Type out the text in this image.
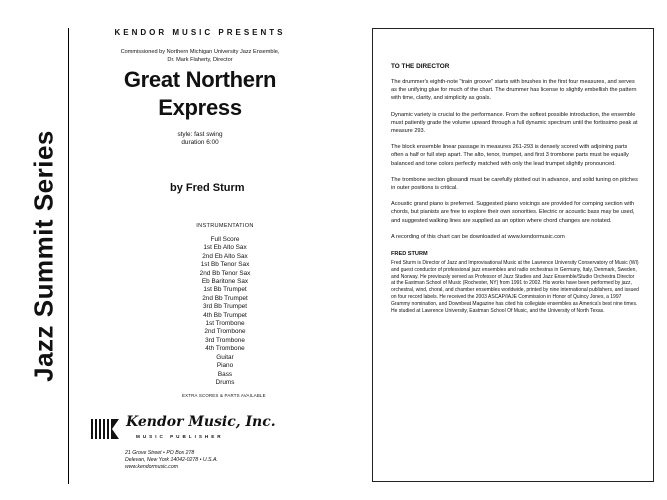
Jazz Summit Series
KENDOR MUSIC PRESENTS
Commissioned by Northern Michigan University Jazz Ensemble,
Dr. Mark Flaherty, Director
Great Northern
Express
style: fast swing
duration 6:00
by Fred Sturm
INSTRUMENTATION
Full Score
1st Eb Alto Sax
2nd Eb Alto Sax
1st Bb Tenor Sax
2nd Bb Tenor Sax
Eb Baritone Sax
1st Bb Trumpet
2nd Bb Trumpet
3rd Bb Trumpet
4th Bb Trumpet
1st Trombone
2nd Trombone
3rd Trombone
4th Trombone
Guitar
Piano
Bass
Drums
EXTRA SCORES & PARTS AVAILABLE
Kendor Music, Inc.
MUSIC PUBLISHER
21 Grove Street • PO Box 278
Delevan, New York 14042-0278 • U.S.A.
www.kendormusic.com
TO THE DIRECTOR

The drummer's eighth-note "train groove" starts with brushes in the first four measures, and serves as the unifying glue for much of the chart. The drummer has license to slightly embellish the pattern with time, clarity, and simplicity as goals.

Dynamic variety is crucial to the performance. From the softest possible introduction, the ensemble must patiently grade the volume upward through a full dynamic spectrum until the fortissimo peak at measure 293.

The block ensemble linear passage in measures 261-293 is densely scored with adjoining parts often a half or full step apart. The alto, tenor, trumpet, and first 3 trombone parts must be equally balanced and tone colors perfectly matched with only the lead trumpet slightly pronounced.

The trombone section glissandi must be carefully plotted out in advance, and solid tuning on pitches in outer positions is critical.

Acoustic grand piano is preferred. Suggested piano voicings are provided for comping section with chords, but pianists are free to explore their own sonorities. Electric or acoustic bass may be used, and suggested walking lines are supplied as an option where chord changes are notated.

A recording of this chart can be downloaded at www.kendormusic.com

FRED STURM

Fred Sturm is Director of Jazz and Improvisational Music at the Lawrence University Conservatory of Music (WI) and guest conductor of professional jazz ensembles and radio orchestras in Germany, Italy, Denmark, Sweden, and Norway. He previously served as Professor of Jazz Studies and Jazz Ensemble/Studio Orchestra Director at the Eastman School of Music (Rochester, NY) from 1991 to 2002. His works have been performed by jazz, orchestral, wind, choral, and chamber ensembles worldwide, printed by nine international publishers, and issued on four record labels. He received the 2003 ASCAP/IAJE Commission in Honor of Quincy Jones, a 1997 Grammy nomination, and Downbeat Magazine has cited his collegiate ensembles as America's best nine times. He studied at Lawrence University, Eastman School Of Music, and the University of North Texas.
